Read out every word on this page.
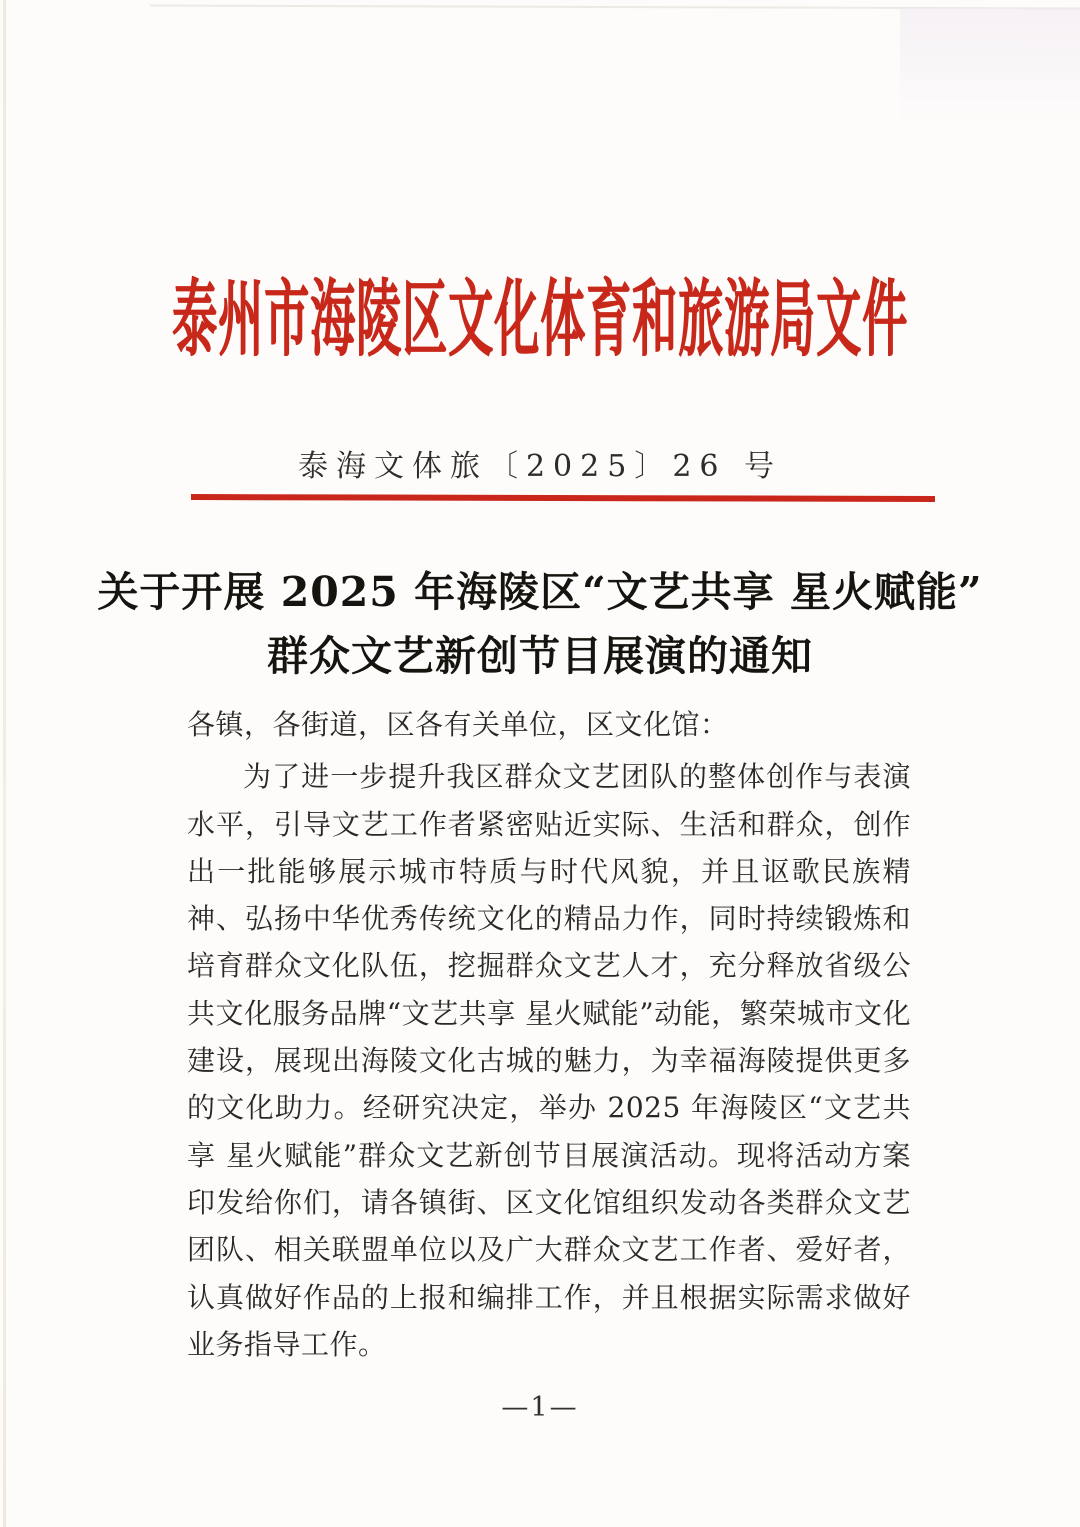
泰州市海陵区文化体育和旅游局文件
泰海文体旅〔2025〕26 号
关于开展 2025 年海陵区“文艺共享 星火赋能”
群众文艺新创节目展演的通知
各镇，各街道，区各有关单位，区文化馆：

为了进一步提升我区群众文艺团队的整体创作与表演水平，引导文艺工作者紧密贴近实际、生活和群众，创作出一批能够展示城市特质与时代风貌，并且讴歌民族精神、弘扬中华优秀传统文化的精品力作，同时持续锻炼和培育群众文化队伍，挖掘群众文艺人才，充分释放省级公共文化服务品牌“文艺共享 星火赋能”动能，繁荣城市文化建设，展现出海陵文化古城的魅力，为幸福海陵提供更多的文化助力。经研究决定，举办 2025 年海陵区“文艺共享 星火赋能”群众文艺新创节目展演活动。现将活动方案印发给你们，请各镇街、区文化馆组织发动各类群众文艺团队、相关联盟单位以及广大群众文艺工作者、爱好者，认真做好作品的上报和编排工作，并且根据实际需求做好业务指导工作。

—1—
